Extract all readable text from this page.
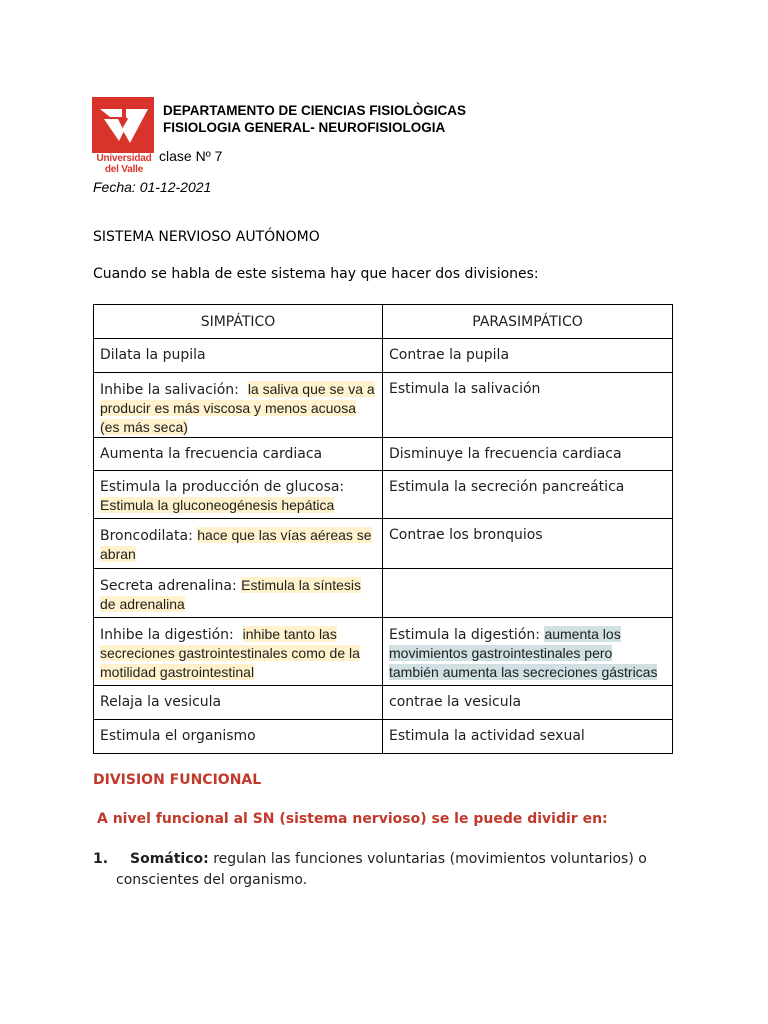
Universidad
del Valle
DEPARTAMENTO DE CIENCIAS FISIOLÒGICAS
FISIOLOGIA GENERAL- NEUROFISIOLOGIA
clase Nº 7
Fecha: 01-12-2021
SISTEMA NERVIOSO AUTÓNOMO
Cuando se habla de este sistema hay que hacer dos divisiones:
SIMPÁTICO	PARASIMPÁTICO
Dilata la pupila	Contrae la pupila
Inhibe la salivación: la saliva que se va a producir es más viscosa y menos acuosa (es más seca)	Estimula la salivación
Aumenta la frecuencia cardiaca	Disminuye la frecuencia cardiaca
Estimula la producción de glucosa:
Estimula la gluconeogénesis hepática	Estimula la secreción pancreática
Broncodilata: hace que las vías aéreas se abran	Contrae los bronquios
Secreta adrenalina: Estimula la síntesis de adrenalina	
Inhibe la digestión: inhibe tanto las secreciones gastrointestinales como de la motilidad gastrointestinal	Estimula la digestión: aumenta los movimientos gastrointestinales pero también aumenta las secreciones gástricas
Relaja la vesicula	contrae la vesicula
Estimula el organismo	Estimula la actividad sexual
DIVISION FUNCIONAL
A nivel funcional al SN (sistema nervioso) se le puede dividir en:
1. Somático: regulan las funciones voluntarias (movimientos voluntarios) o
conscientes del organismo.
